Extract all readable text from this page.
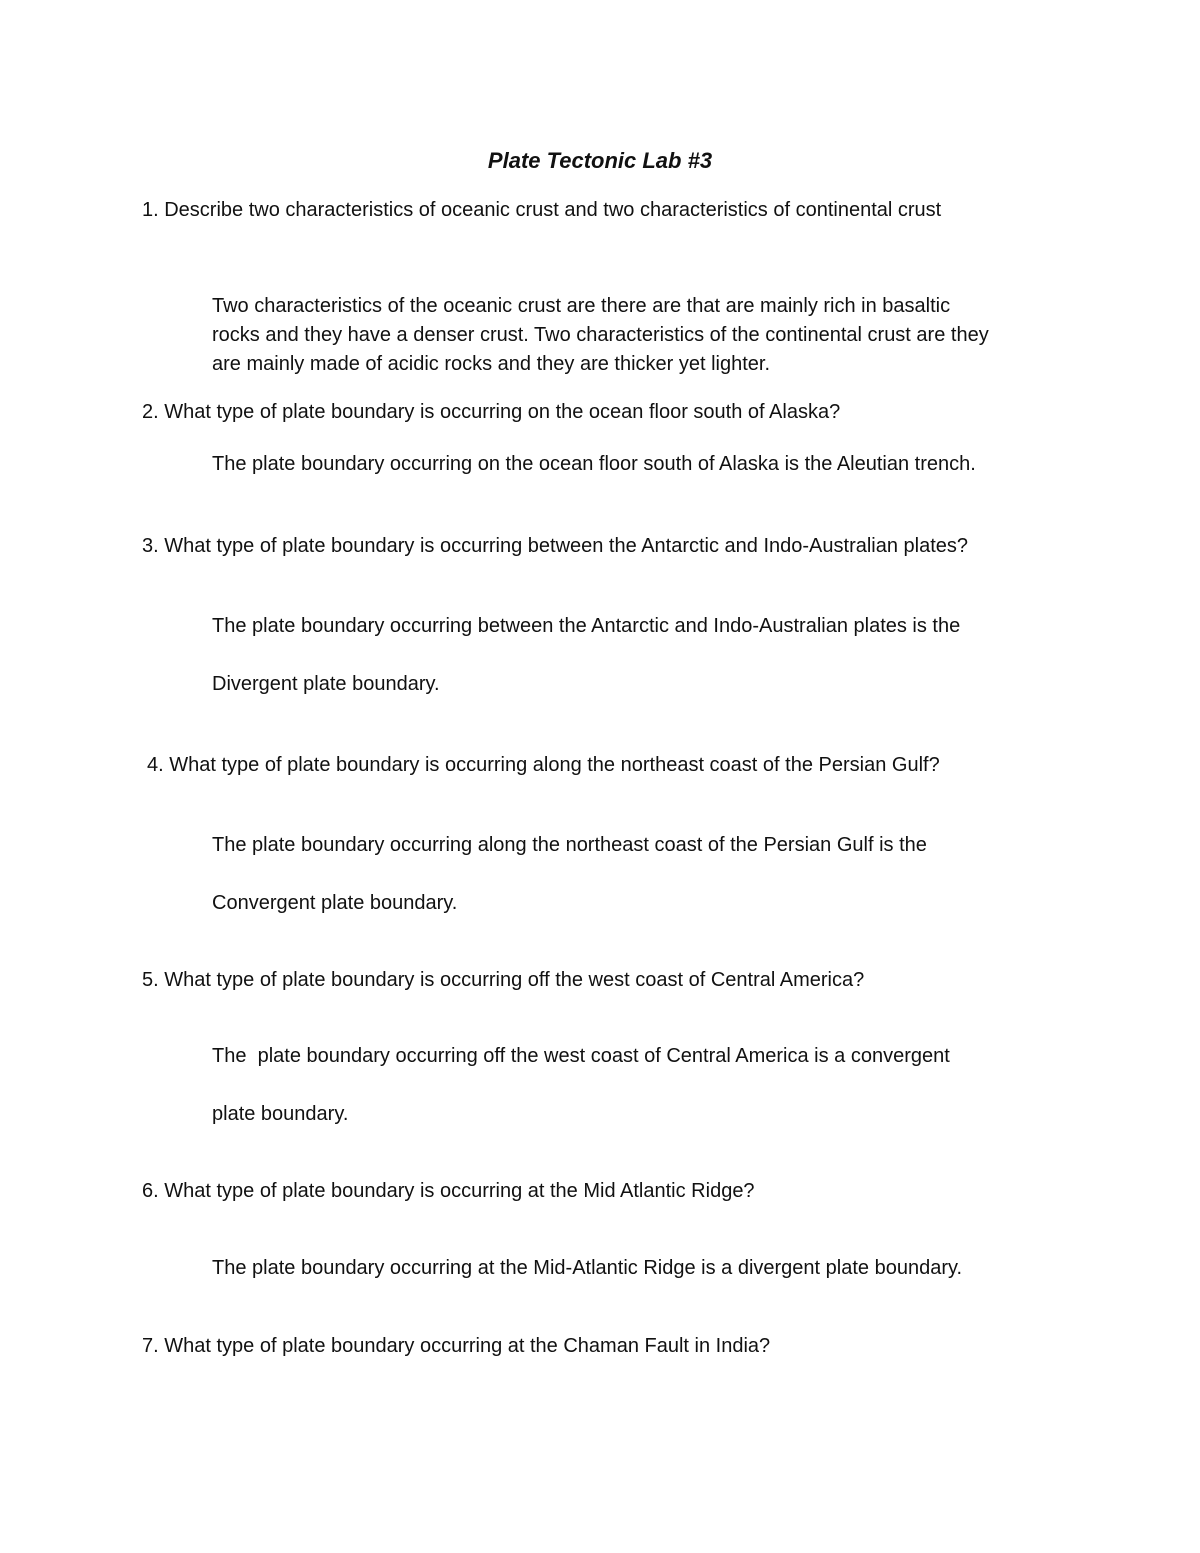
Plate Tectonic Lab #3
1. Describe two characteristics of oceanic crust and two characteristics of continental crust
Two characteristics of the oceanic crust are there are that are mainly rich in basaltic
rocks and they have a denser crust. Two characteristics of the continental crust are they
are mainly made of acidic rocks and they are thicker yet lighter.
2. What type of plate boundary is occurring on the ocean floor south of Alaska?
The plate boundary occurring on the ocean floor south of Alaska is the Aleutian trench.
3. What type of plate boundary is occurring between the Antarctic and Indo-Australian plates?
The plate boundary occurring between the Antarctic and Indo-Australian plates is the
Divergent plate boundary.
4. What type of plate boundary is occurring along the northeast coast of the Persian Gulf?
The plate boundary occurring along the northeast coast of the Persian Gulf is the
Convergent plate boundary.
5. What type of plate boundary is occurring off the west coast of Central America?
The  plate boundary occurring off the west coast of Central America is a convergent
plate boundary.
6. What type of plate boundary is occurring at the Mid Atlantic Ridge?
The plate boundary occurring at the Mid-Atlantic Ridge is a divergent plate boundary.
7. What type of plate boundary occurring at the Chaman Fault in India?
